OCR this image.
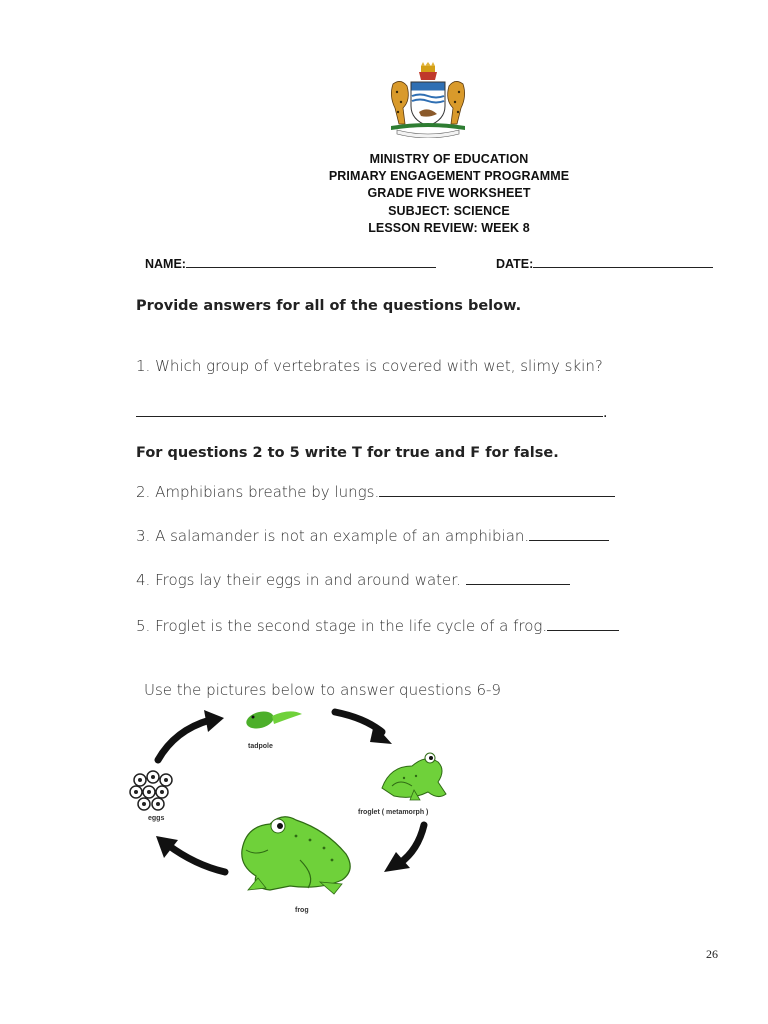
MINISTRY OF EDUCATION
PRIMARY ENGAGEMENT PROGRAMME
GRADE FIVE WORKSHEET
SUBJECT: SCIENCE
LESSON REVIEW: WEEK 8
NAME:	DATE:
Provide answers for all of the questions below.
1. Which group of vertebrates is covered with wet, slimy skin?
.
For questions 2 to 5 write T for true and F for false.
2. Amphibians breathe by lungs.
3. A salamander is not an example of an amphibian.
4. Frogs lay their eggs in and around water.
5. Froglet is the second stage in the life cycle of a frog.
Use the pictures below to answer questions 6-9
tadpole
froglet ( metamorph )
eggs
frog
26
